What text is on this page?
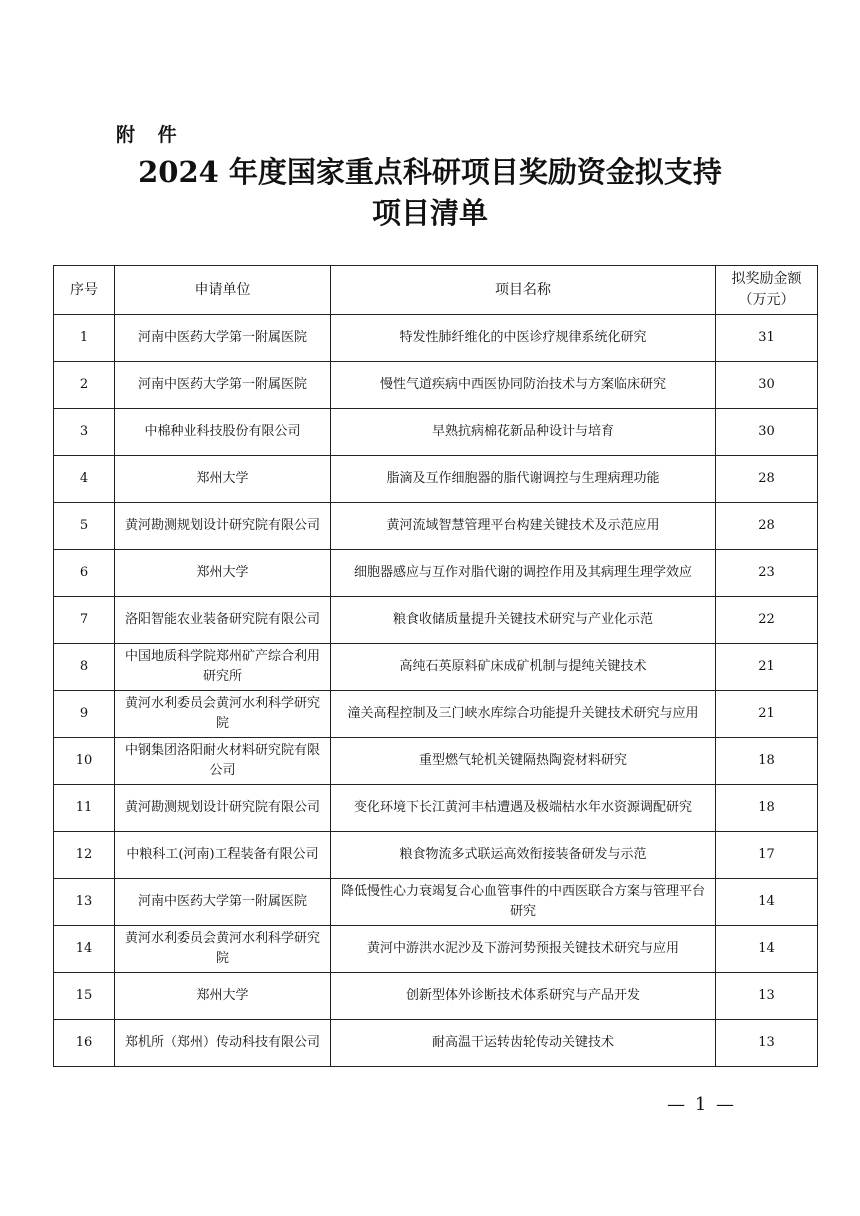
附 件
2024 年度国家重点科研项目奖励资金拟支持
项目清单
序号	申请单位	项目名称	拟奖励金额（万元）
1	河南中医药大学第一附属医院	特发性肺纤维化的中医诊疗规律系统化研究	31
2	河南中医药大学第一附属医院	慢性气道疾病中西医协同防治技术与方案临床研究	30
3	中棉种业科技股份有限公司	早熟抗病棉花新品种设计与培育	30
4	郑州大学	脂滴及互作细胞器的脂代谢调控与生理病理功能	28
5	黄河勘测规划设计研究院有限公司	黄河流域智慧管理平台构建关键技术及示范应用	28
6	郑州大学	细胞器感应与互作对脂代谢的调控作用及其病理生理学效应	23
7	洛阳智能农业装备研究院有限公司	粮食收储质量提升关键技术研究与产业化示范	22
8	中国地质科学院郑州矿产综合利用研究所	高纯石英原料矿床成矿机制与提纯关键技术	21
9	黄河水利委员会黄河水利科学研究院	潼关高程控制及三门峡水库综合功能提升关键技术研究与应用	21
10	中钢集团洛阳耐火材料研究院有限公司	重型燃气轮机关键隔热陶瓷材料研究	18
11	黄河勘测规划设计研究院有限公司	变化环境下长江黄河丰枯遭遇及极端枯水年水资源调配研究	18
12	中粮科工(河南)工程装备有限公司	粮食物流多式联运高效衔接装备研发与示范	17
13	河南中医药大学第一附属医院	降低慢性心力衰竭复合心血管事件的中西医联合方案与管理平台研究	14
14	黄河水利委员会黄河水利科学研究院	黄河中游洪水泥沙及下游河势预报关键技术研究与应用	14
15	郑州大学	创新型体外诊断技术体系研究与产品开发	13
16	郑机所（郑州）传动科技有限公司	耐高温干运转齿轮传动关键技术	13
— 1 —
